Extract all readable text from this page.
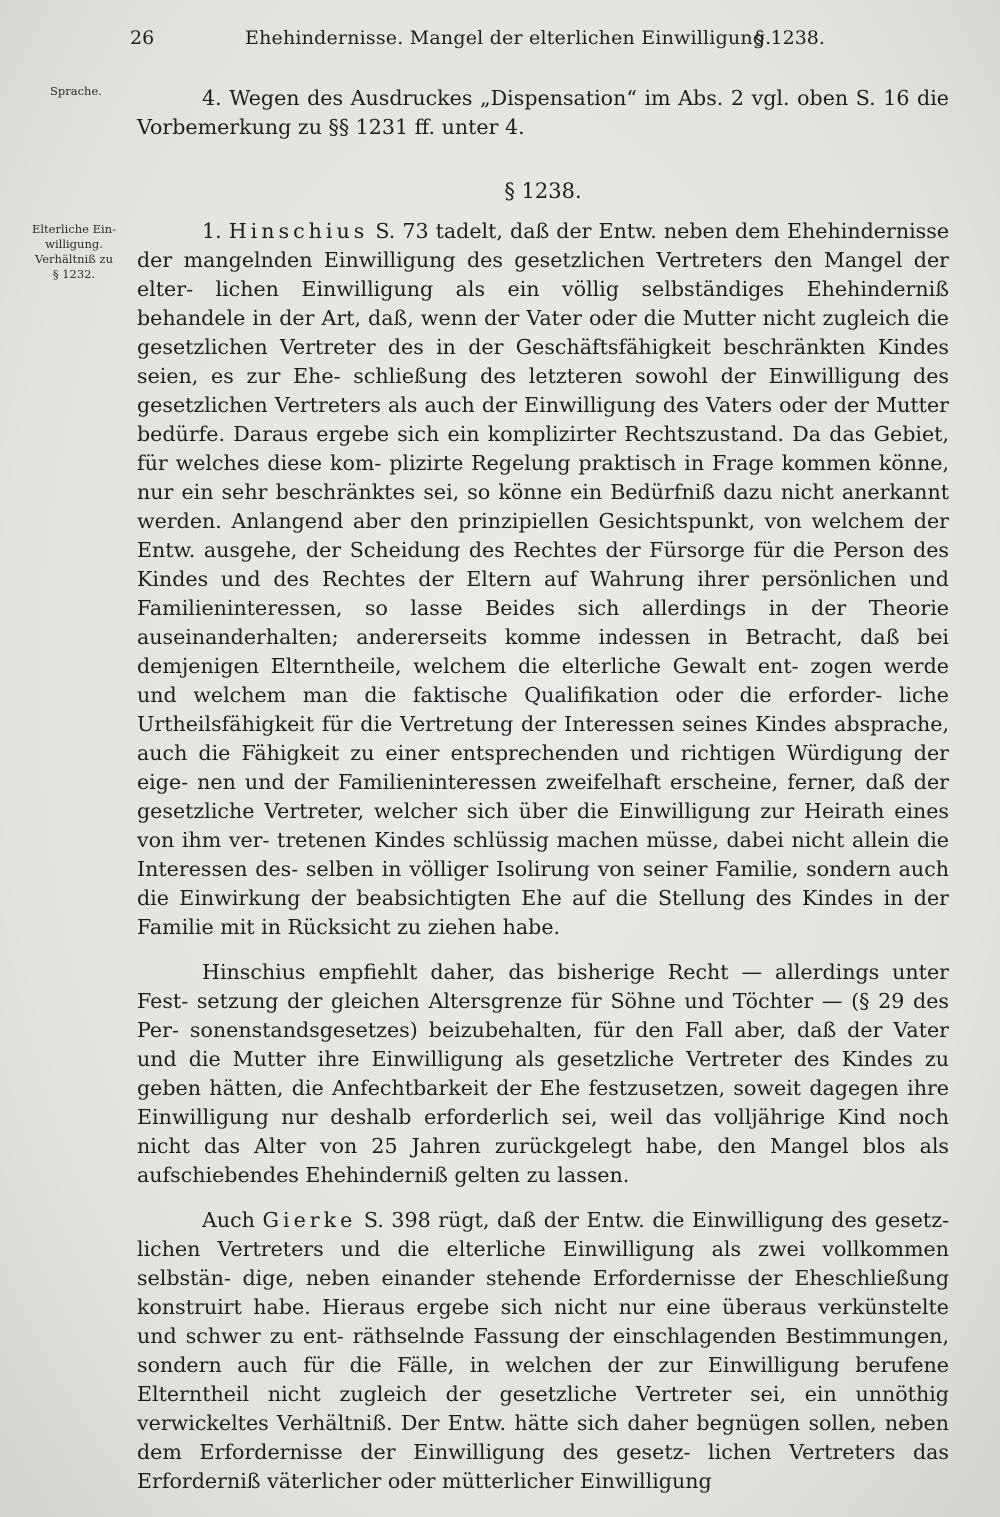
26	Ehehindernisse. Mangel der elterlichen Einwilligung.
§ 1238.
Sprache.
Elterliche Ein-
willigung.
Verhältniß zu
§ 1232.

4. Wegen des Ausdruckes „Dispensation“ im Abs. 2 vgl. oben S. 16 die Vorbemerkung zu §§ 1231 ff. unter 4.

§ 1238.

1. Hinschius S. 73 tadelt, daß der Entw. neben dem Ehehindernisse der mangelnden Einwilligung des gesetzlichen Vertreters den Mangel der elter- lichen Einwilligung als ein völlig selbständiges Ehehinderniß behandele in der Art, daß, wenn der Vater oder die Mutter nicht zugleich die gesetzlichen Vertreter des in der Geschäftsfähigkeit beschränkten Kindes seien, es zur Ehe- schließung des letzteren sowohl der Einwilligung des gesetzlichen Vertreters als auch der Einwilligung des Vaters oder der Mutter bedürfe. Daraus ergebe sich ein komplizirter Rechtszustand. Da das Gebiet, für welches diese kom- plizirte Regelung praktisch in Frage kommen könne, nur ein sehr beschränktes sei, so könne ein Bedürfniß dazu nicht anerkannt werden. Anlangend aber den prinzipiellen Gesichtspunkt, von welchem der Entw. ausgehe, der Scheidung des Rechtes der Fürsorge für die Person des Kindes und des Rechtes der Eltern auf Wahrung ihrer persönlichen und Familieninteressen, so lasse Beides sich allerdings in der Theorie auseinanderhalten; andererseits komme indessen in Betracht, daß bei demjenigen Elterntheile, welchem die elterliche Gewalt ent- zogen werde und welchem man die faktische Qualifikation oder die erforder- liche Urtheilsfähigkeit für die Vertretung der Interessen seines Kindes absprache, auch die Fähigkeit zu einer entsprechenden und richtigen Würdigung der eige- nen und der Familieninteressen zweifelhaft erscheine, ferner, daß der gesetzliche Vertreter, welcher sich über die Einwilligung zur Heirath eines von ihm ver- tretenen Kindes schlüssig machen müsse, dabei nicht allein die Interessen des- selben in völliger Isolirung von seiner Familie, sondern auch die Einwirkung der beabsichtigten Ehe auf die Stellung des Kindes in der Familie mit in Rücksicht zu ziehen habe.

Hinschius empfiehlt daher, das bisherige Recht — allerdings unter Fest- setzung der gleichen Altersgrenze für Söhne und Töchter — (§ 29 des Per- sonenstandsgesetzes) beizubehalten, für den Fall aber, daß der Vater und die Mutter ihre Einwilligung als gesetzliche Vertreter des Kindes zu geben hätten, die Anfechtbarkeit der Ehe festzusetzen, soweit dagegen ihre Einwilligung nur deshalb erforderlich sei, weil das volljährige Kind noch nicht das Alter von 25 Jahren zurückgelegt habe, den Mangel blos als aufschiebendes Ehehinderniß gelten zu lassen.

Auch Gierke S. 398 rügt, daß der Entw. die Einwilligung des gesetz- lichen Vertreters und die elterliche Einwilligung als zwei vollkommen selbstän- dige, neben einander stehende Erfordernisse der Eheschließung konstruirt habe. Hieraus ergebe sich nicht nur eine überaus verkünstelte und schwer zu ent- räthselnde Fassung der einschlagenden Bestimmungen, sondern auch für die Fälle, in welchen der zur Einwilligung berufene Elterntheil nicht zugleich der gesetzliche Vertreter sei, ein unnöthig verwickeltes Verhältniß. Der Entw. hätte sich daher begnügen sollen, neben dem Erfordernisse der Einwilligung des gesetz- lichen Vertreters das Erforderniß väterlicher oder mütterlicher Einwilligung
